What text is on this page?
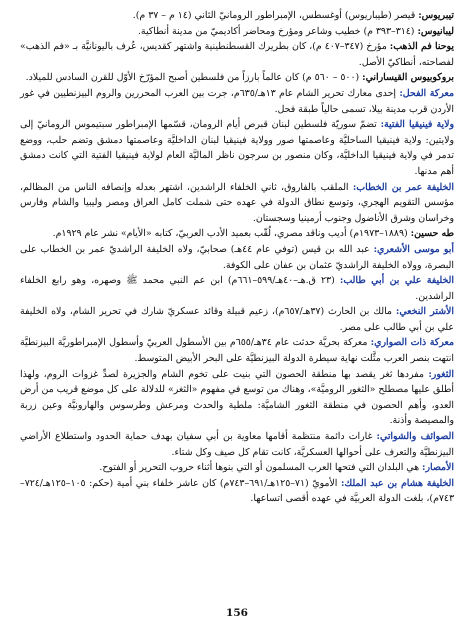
تيبريوس: قيصر (طيباريوس) أوغسطس، الإمبراطور الرومانيّ الثاني (١٤ م – ٣٧ م).

ليبانيوس: (٣١٤–٣٩٣ م) خطيب وشاعر ومؤرخ ومحاضر أكاديميّ من مدينة أنطاكية.

يوحنا فم الذهب: مؤرخ (٣٤٧–٤٠٧ م)، كان بطريرك القسطنطينية واشتهر كقديس، عُرف باليونانيَّة بـ «فم الذهب» لفصاحته، أنطاكيّ الأصل.

بروكوبيوس القيساراني: (٥٠٠ – ٥٦٠ م) كان عالماً بارزاً من فلسطين أصبح المؤرّخ الأوّل للقرن السادس للميلاد.

معركة الفحل: إحدى معارك تحرير الشام عام ١٣هـ/٦٣٥م، جرت بين العرب المحررين والروم البيزنطيين في غور الأردن قرب مدينة بيلا، تسمى حالياً طبقة فحل.

ولاية فينيقيا الفتية: تضمّ سوريّة فلسطين لبنان قبرص أيام الرومان، قسّمها الإمبراطور سبتيموس الرومانيّ إلى ولايتين: ولاية فينيقيا الساحليَّة وعاصمتها صور وولاية فينيقيا لبنان الداخليَّة وعاصمتها دمشق وتضم حلب، ووضع تدمر في ولاية فينيقيا الداخليَّة، وكان منصور بن سرجون ناظر الماليَّة العام لولاية فينيقيا الفتية التي كانت دمشق أهم مدنها.

الخليفة عمر بن الخطاب: الملقب بالفاروق، ثاني الخلفاء الراشدين، اشتهر بعدله وإنصافه الناس من المظالم، مؤسس التقويم الهجري، وتوسع نطاق الدولة في عهده حتى شملت كامل العراق ومصر وليبيا والشام وفارس وخراسان وشرق الأناضول وجنوب أرمينيا وسجستان.

طه حسين: (١٨٨٩–١٩٧٣م) أديب وناقد مصري، لُقّب بعميد الأدب العربيّ، كتابه «الأيام» نشر عام ١٩٢٩م.

أبو موسى الأشعري: عبد الله بن قيس (توفي عام ٤٤هـ) صحابيّ، ولاه الخليفة الراشديّ عمر بن الخطاب على البصرة، وولاه الخليفة الراشديّ عثمان بن عفان على الكوفة.

الخليفة علي بن أبي طالب: (٢٣ ق.هـ–٤٠هـ/٥٩٩–٦٦١م) ابن عم النبي محمد ﷺ وصهره، وهو رابع الخلفاء الراشدين.

الأشتر النخعي: مالك بن الحارث (٣٧هـ/٦٥٧م)، زعيم قبيلة وقائد عسكريّ شارك في تحرير الشام، ولاه الخليفة علي بن أبي طالب على مصر.

معركة ذات الصواري: معركة بحريَّة حدثت عام ٣٤هـ/٦٥٥م بين الأسطول العربيّ وأسطول الإمبراطوريَّة البيزنطيَّة انتهت بنصر العرب مثَّلت نهاية سيطرة الدولة البيزنطيَّة على البحر الأبيض المتوسط.

الثغور: مفردها ثغر يقصد بها منطقة الحصون التي بنيت على تخوم الشام والجزيرة لصدِّ غزوات الروم، ولهذا أطلق عليها مصطلح «الثغور الروميَّة»، وهناك من توسع في مفهوم «الثغر» للدلالة على كل موضع قريب من أرض العدو، وأهم الحصون في منطقة الثغور الشاميَّة: ملطية والحدث ومرعش وطرسوس والهارونيَّة وعين زربة والمصيصة وأذنة.

الصوائف والشواتي: غارات دائمة منتظمة أقامها معاوية بن أبي سفيان بهدف حماية الحدود واستطلاع الأراضي البيزنطيَّة والتعرف على أحوالها العسكريَّة، كانت تقام كل صيف وكل شتاء.

الأمصار: هي البلدان التي فتحها العرب المسلمون أو التي بنوها أثناء حروب التحرير أو الفتوح.

الخليفة هشام بن عبد الملك: الأمويّ (٧١–١٢٥هـ/٦٩١–٧٤٣م) كان عاشر خلفاء بني أمية (حكم: ١٠٥–١٢٥هـ/٧٢٤–٧٤٣م)، بلغت الدولة العربيَّة في عهده أقصى اتساعها.

156
